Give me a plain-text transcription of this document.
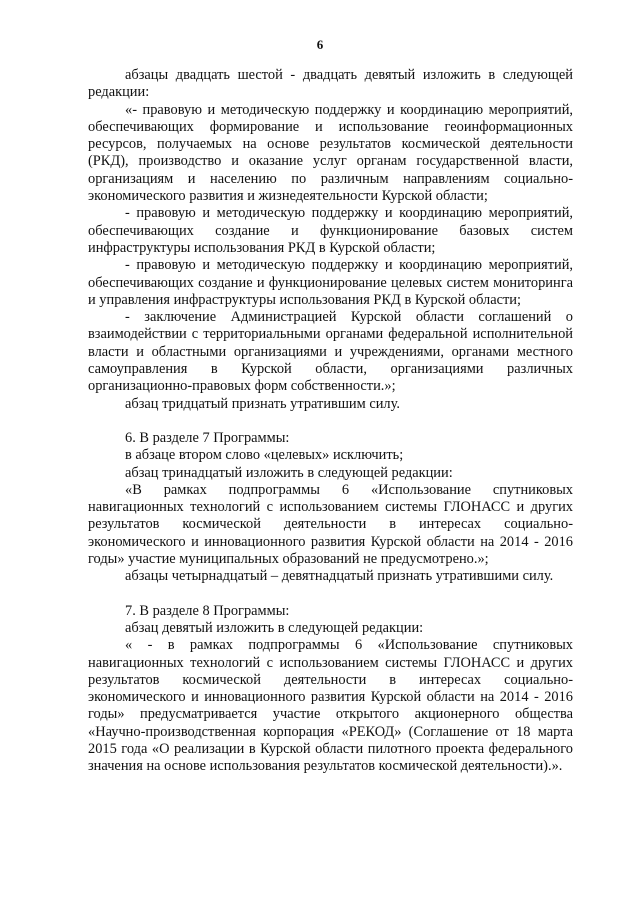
6

абзацы двадцать шестой - двадцать девятый изложить в следующей редакции:

«- правовую и методическую поддержку и координацию мероприятий, обеспечивающих формирование и использование геоинформационных ресурсов, получаемых на основе результатов космической деятельности (РКД), производство и оказание услуг органам государственной власти, организациям и населению по различным направлениям социально-экономического развития и жизнедеятельности Курской области;

- правовую и методическую поддержку и координацию мероприятий, обеспечивающих создание и функционирование базовых систем инфраструктуры использования РКД в Курской области;

- правовую и методическую поддержку и координацию мероприятий, обеспечивающих создание и функционирование целевых систем мониторинга и управления инфраструктуры использования РКД в Курской области;

- заключение Администрацией Курской области соглашений о взаимодействии с территориальными органами федеральной исполнительной власти и областными организациями и учреждениями, органами местного самоуправления в Курской области, организациями различных организационно-правовых форм собственности.»;

абзац тридцатый признать утратившим силу.

6. В разделе 7 Программы:

в абзаце втором слово «целевых» исключить;

абзац тринадцатый изложить в следующей редакции:

«В рамках подпрограммы 6 «Использование спутниковых навигационных технологий с использованием системы ГЛОНАСС и других результатов космической деятельности в интересах социально-экономического и инновационного развития Курской области на 2014 - 2016 годы» участие муниципальных образований не предусмотрено.»;

абзацы четырнадцатый – девятнадцатый признать утратившими силу.

7. В разделе 8 Программы:

абзац девятый изложить в следующей редакции:

« - в рамках подпрограммы 6 «Использование спутниковых навигационных технологий с использованием системы ГЛОНАСС и других результатов космической деятельности в интересах социально-экономического и инновационного развития Курской области на 2014 - 2016 годы» предусматривается участие открытого акционерного общества «Научно-производственная корпорация «РЕКОД» (Соглашение от 18 марта 2015 года «О реализации в Курской области пилотного проекта федерального значения на основе использования результатов космической деятельности).».
